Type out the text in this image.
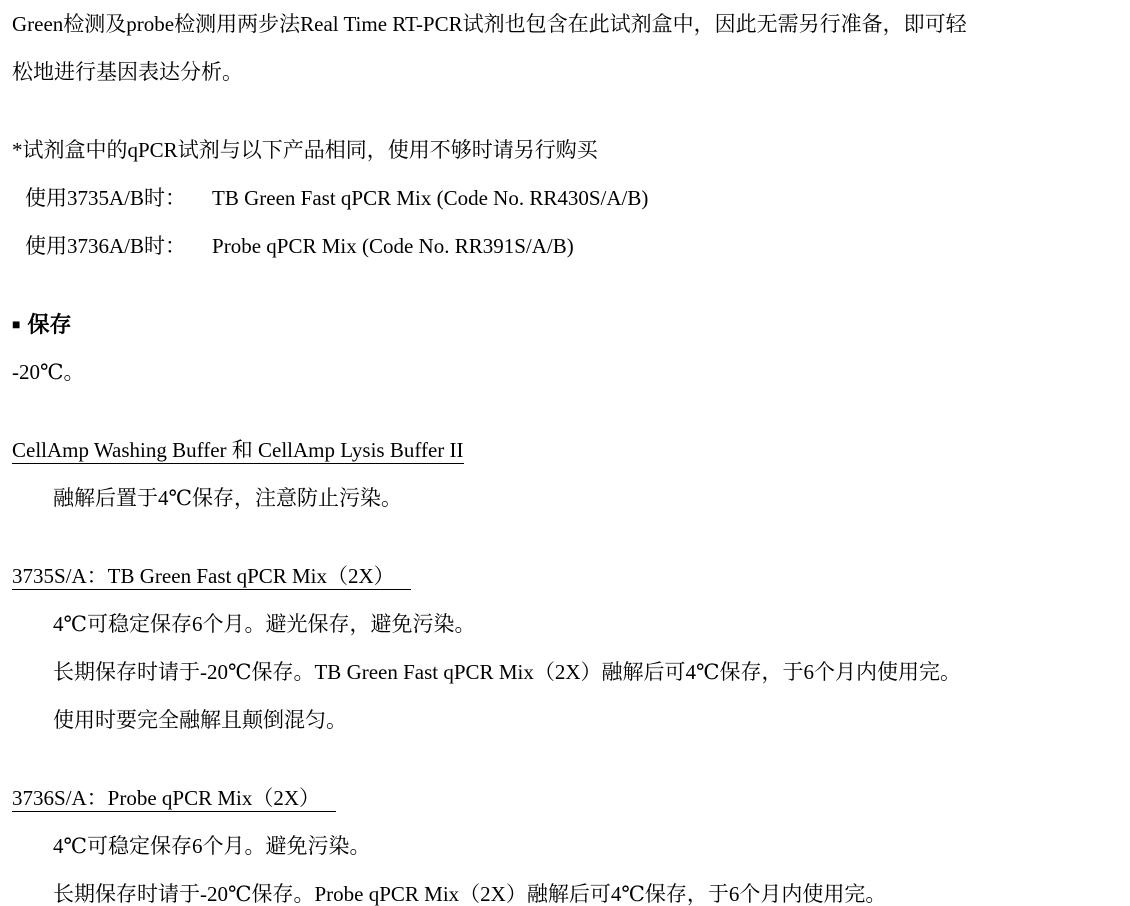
Green检测及probe检测用两步法Real Time RT-PCR试剂也包含在此试剂盒中，因此无需另行准备，即可轻

松地进行基因表达分析。

*试剂盒中的qPCR试剂与以下产品相同，使用不够时请另行购买

使用3735A/B时： TB Green Fast qPCR Mix (Code No. RR430S/A/B)

使用3736A/B时： Probe qPCR Mix (Code No. RR391S/A/B)

■ 保存

-20℃。

CellAmp Washing Buffer 和 CellAmp Lysis Buffer II

融解后置于4℃保存，注意防止污染。

3735S/A：TB Green Fast qPCR Mix（2X）

4℃可稳定保存6个月。避光保存，避免污染。

长期保存时请于-20℃保存。TB Green Fast qPCR Mix（2X）融解后可4℃保存，于6个月内使用完。

使用时要完全融解且颠倒混匀。

3736S/A：Probe qPCR Mix（2X）

4℃可稳定保存6个月。避免污染。

长期保存时请于-20℃保存。Probe qPCR Mix（2X）融解后可4℃保存，于6个月内使用完。
